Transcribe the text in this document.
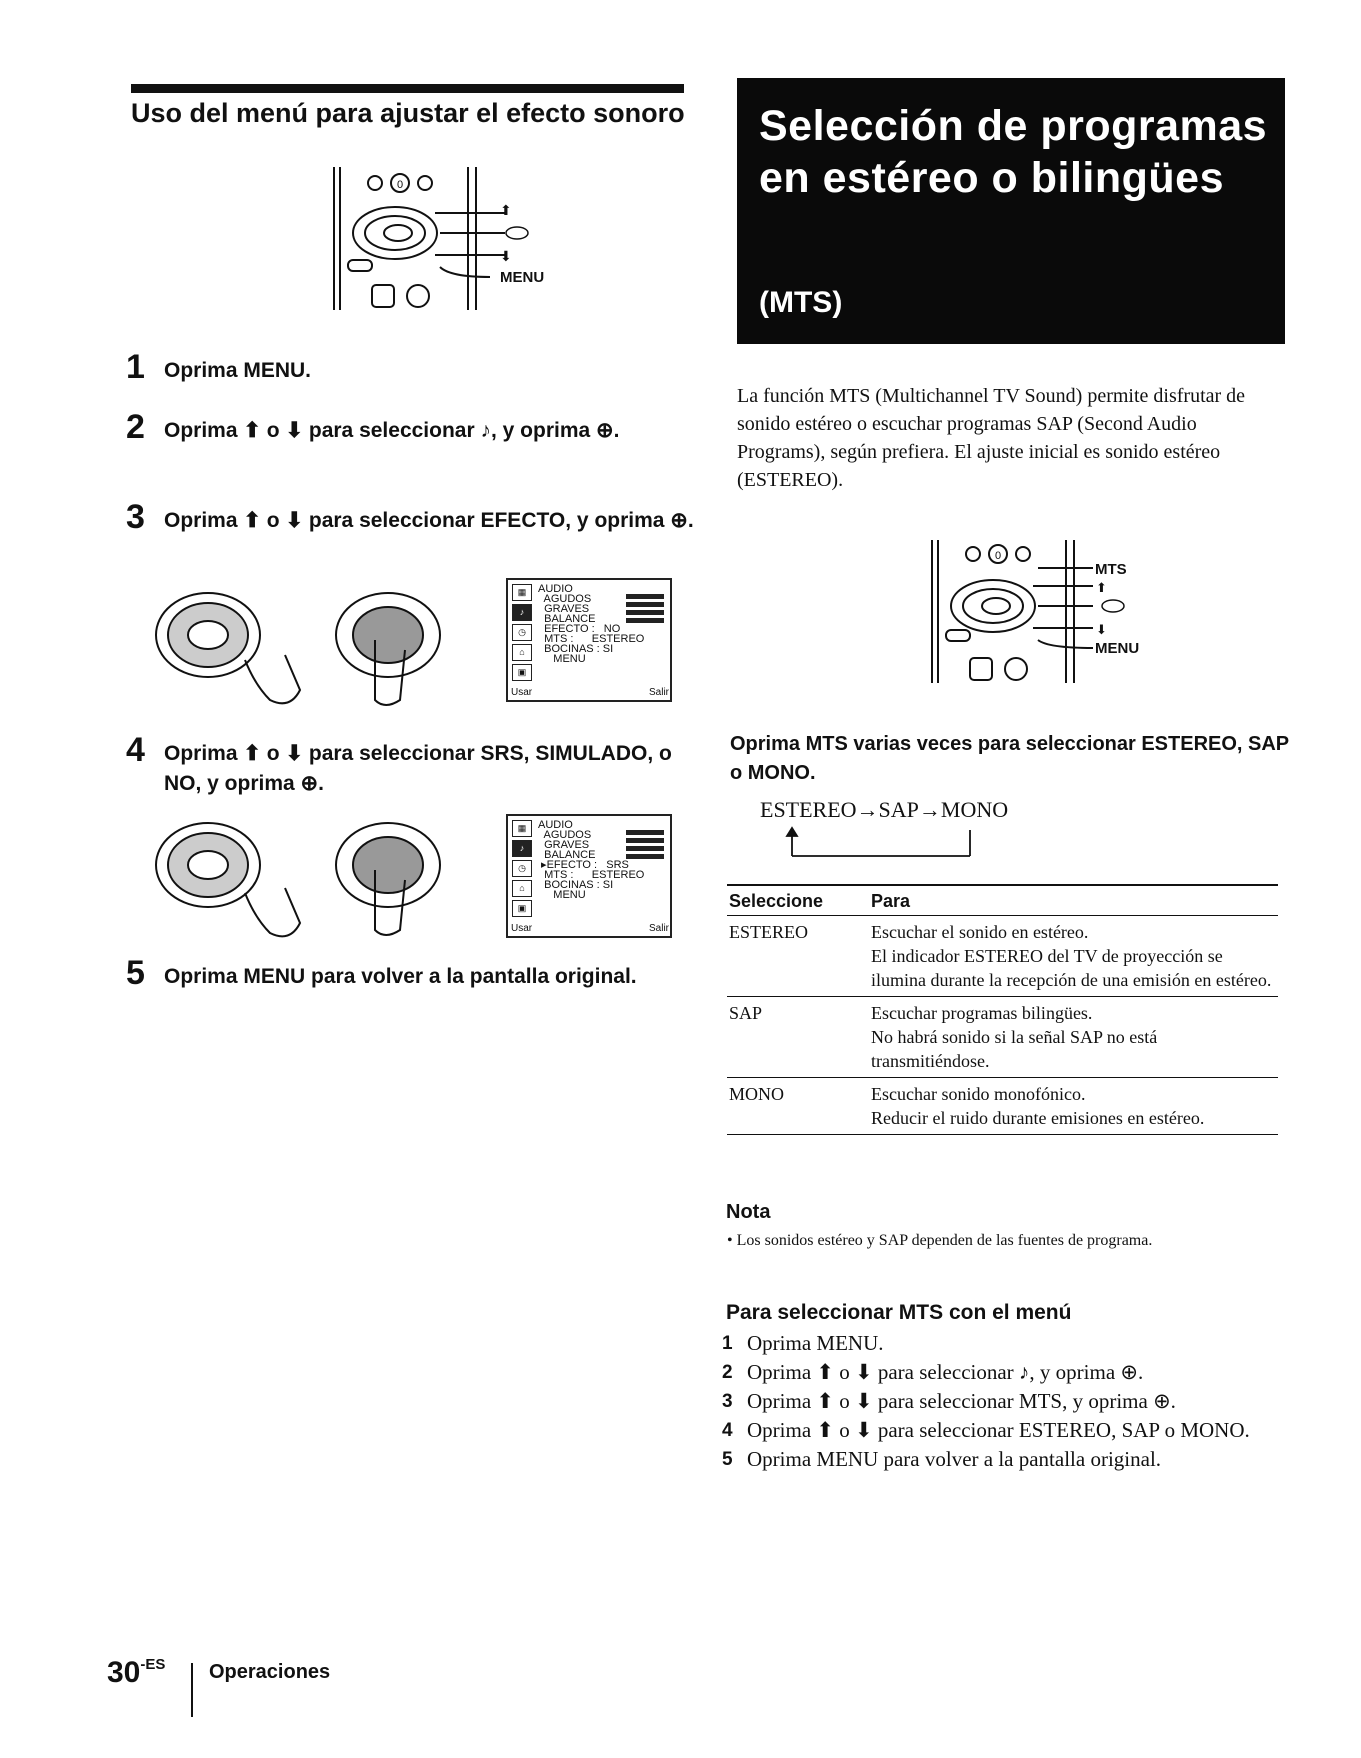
Uso del menú para ajustar el efecto sonoro
0
⬆
⬇
MENU
1 Oprima MENU.
2 Oprima ⬆ o ⬇ para seleccionar ♪, y oprima ⊕.
3 Oprima ⬆ o ⬇ para seleccionar EFECTO, y oprima ⊕.
▦
♪
◷
⌂
▣
AUDIO
AGUDOS
GRAVES
BALANCE
EFECTO :   NO
MTS :      ESTEREO
BOCINAS : SI
MENU
Usar	Salir
4 Oprima ⬆ o ⬇ para seleccionar SRS, SIMULADO, o NO, y oprima ⊕.
▦
♪
◷
⌂
▣
AUDIO
AGUDOS
GRAVES
BALANCE
▸EFECTO :   SRS
MTS :      ESTEREO
BOCINAS : SI
MENU
Usar	Salir
5 Oprima MENU para volver a la pantalla original.
Selección de programas en estéreo o bilingües
(MTS)
La función MTS (Multichannel TV Sound) permite disfrutar de sonido estéreo o escuchar programas SAP (Second Audio Programs), según prefiera. El ajuste inicial es sonido estéreo (ESTEREO).
0
MTS
⬆
⬇
MENU
Oprima MTS varias veces para seleccionar ESTEREO, SAP o MONO.
ESTEREO→SAP→MONO
Seleccione	Para
ESTEREO	Escuchar el sonido en estéreo.
El indicador ESTEREO del TV de proyección se ilumina durante la recepción de una emisión en estéreo.

SAP	Escuchar programas bilingües.
No habrá sonido si la señal SAP no está transmitiéndose.

MONO	Escuchar sonido monofónico.
Reducir el ruido durante emisiones en estéreo.
Nota
• Los sonidos estéreo y SAP dependen de las fuentes de programa.
Para seleccionar MTS con el menú
1 Oprima MENU.
2 Oprima ⬆ o ⬇ para seleccionar ♪, y oprima ⊕.
3 Oprima ⬆ o ⬇ para seleccionar MTS, y oprima ⊕.
4 Oprima ⬆ o ⬇ para seleccionar ESTEREO, SAP o MONO.
5 Oprima MENU para volver a la pantalla original.
$30^{-ES}$ Operaciones
